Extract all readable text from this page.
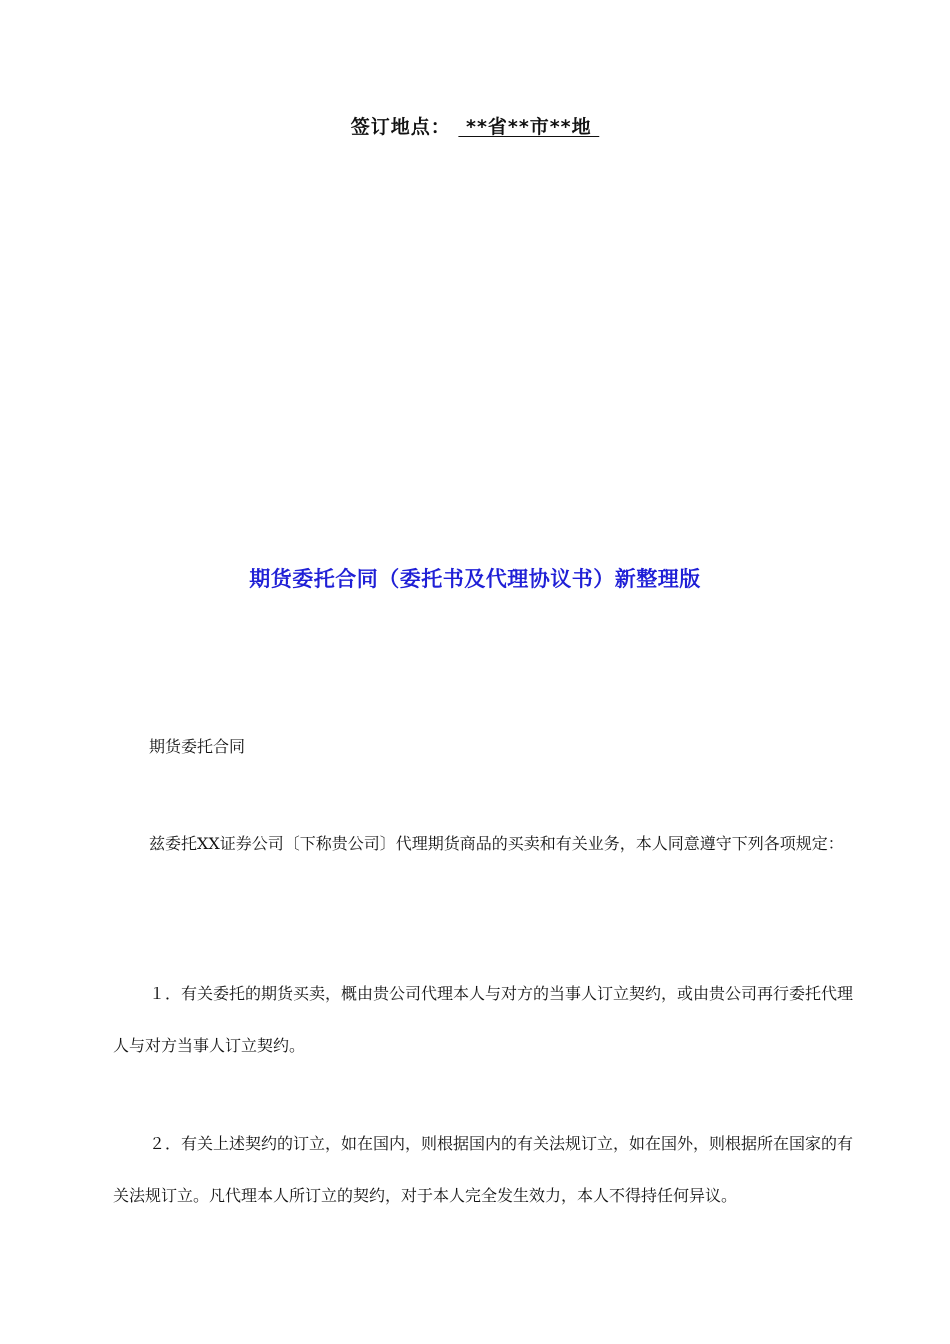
签订地点：  **省**市**地
期货委托合同（委托书及代理协议书）新整理版
期货委托合同
兹委托XX证券公司〔下称贵公司〕代理期货商品的买卖和有关业务，本人同意遵守下列各项规定：
１．有关委托的期货买卖，概由贵公司代理本人与对方的当事人订立契约，或由贵公司再行委托代理人与对方当事人订立契约。
２．有关上述契约的订立，如在国内，则根据国内的有关法规订立，如在国外，则根据所在国家的有关法规订立。凡代理本人所订立的契约，对于本人完全发生效力，本人不得持任何异议。
